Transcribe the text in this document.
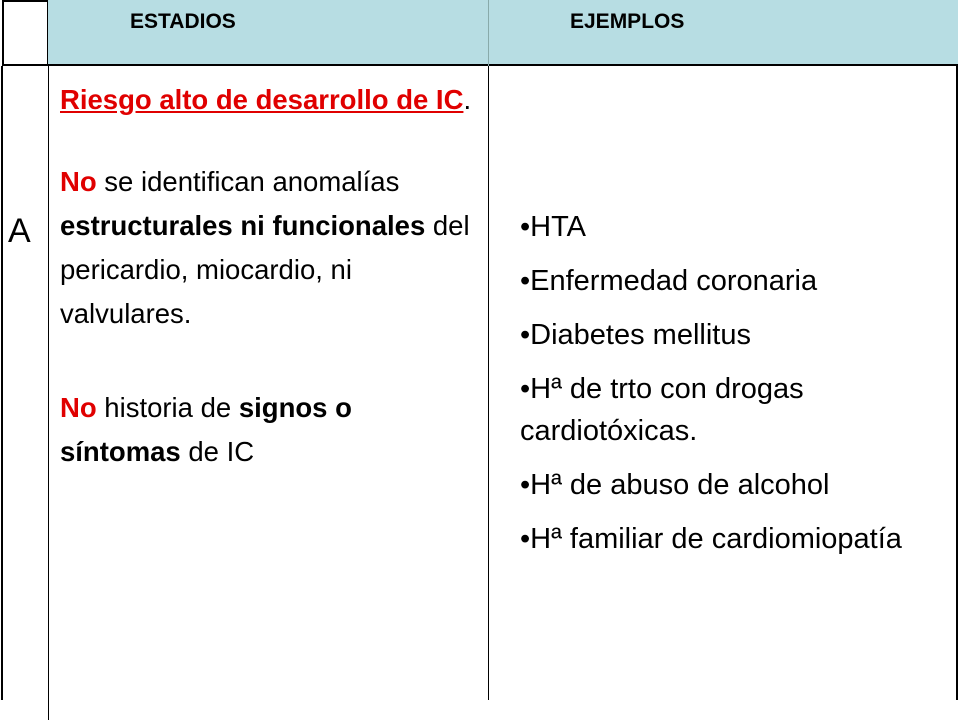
ESTADIOS	EJEMPLOS
A

Riesgo alto de desarrollo de IC.

No se identifican anomalías estructurales ni funcionales del pericardio, miocardio, ni valvulares.

No historia de signos o síntomas de IC

•HTA
•Enfermedad coronaria
•Diabetes mellitus
•Hª de trto con drogas cardiotóxicas.
•Hª de abuso de alcohol
•Hª familiar de cardiomiopatía
